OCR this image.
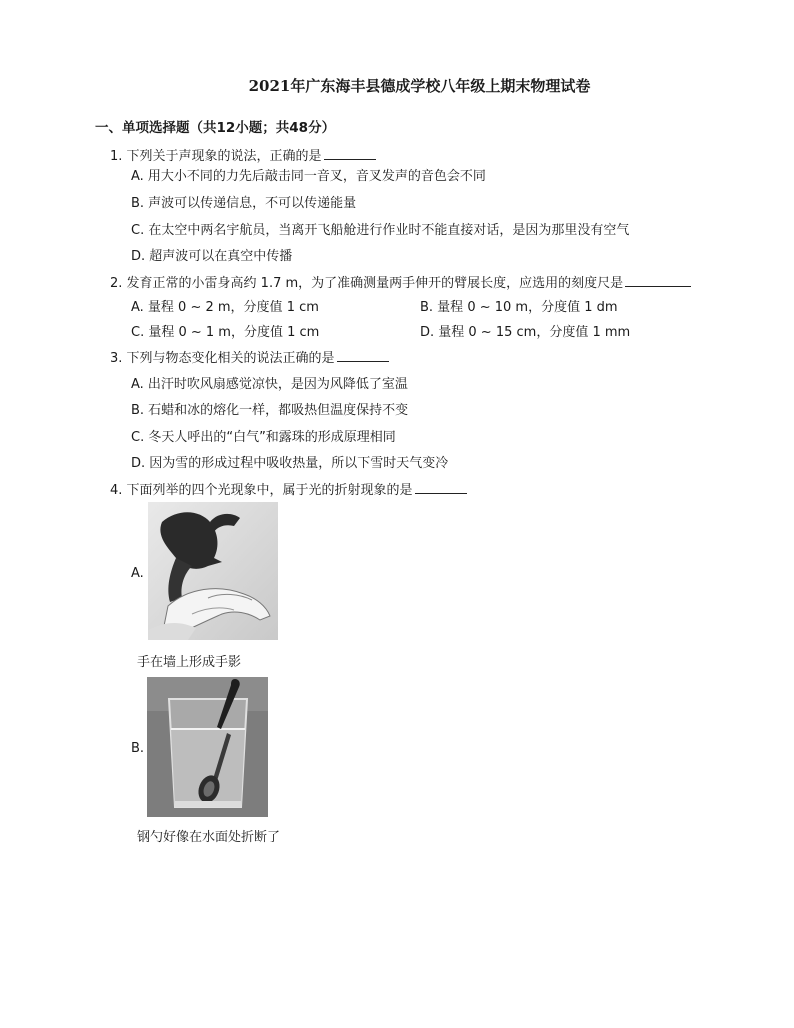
2021年广东海丰县德成学校八年级上期末物理试卷
一、单项选择题（共12小题；共48分）
1. 下列关于声现象的说法，正确的是
A. 用大小不同的力先后敲击同一音叉，音叉发声的音色会不同
B. 声波可以传递信息，不可以传递能量
C. 在太空中两名宇航员，当离开飞船舱进行作业时不能直接对话，是因为那里没有空气
D. 超声波可以在真空中传播
2. 发育正常的小雷身高约 1.7 m，为了准确测量两手伸开的臂展长度，应选用的刻度尺是
A. 量程 0 ~ 2 m，分度值 1 cm	B. 量程 0 ~ 10 m，分度值 1 dm
C. 量程 0 ~ 1 m，分度值 1 cm	D. 量程 0 ~ 15 cm，分度值 1 mm
3. 下列与物态变化相关的说法正确的是
A. 出汗时吹风扇感觉凉快，是因为风降低了室温
B. 石蜡和冰的熔化一样，都吸热但温度保持不变
C. 冬天人呼出的“白气”和露珠的形成原理相同
D. 因为雪的形成过程中吸收热量，所以下雪时天气变冷
4. 下面列举的四个光现象中，属于光的折射现象的是
A.
手在墙上形成手影
B.
钢勺好像在水面处折断了
